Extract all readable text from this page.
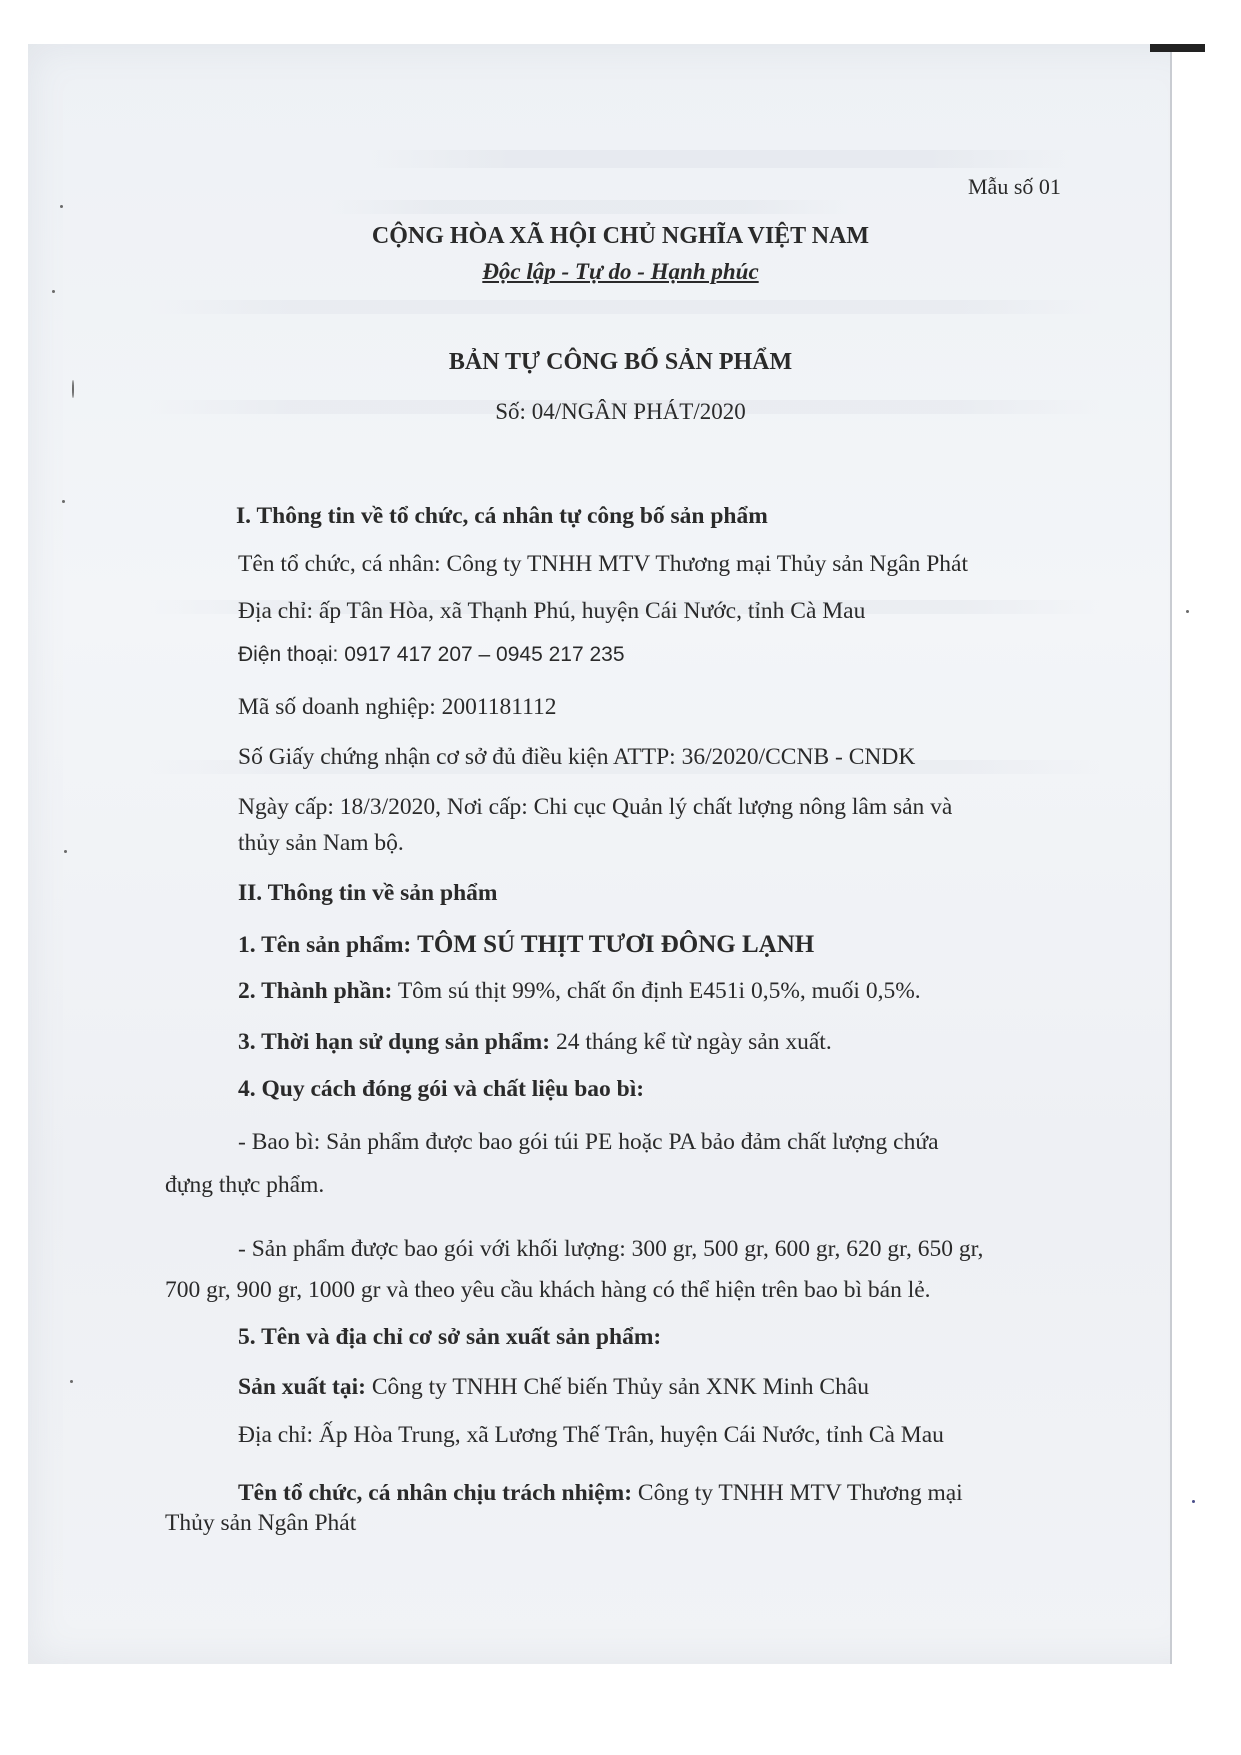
Mẫu số 01
CỘNG HÒA XÃ HỘI CHỦ NGHĨA VIỆT NAM
Độc lập - Tự do - Hạnh phúc
BẢN TỰ CÔNG BỐ SẢN PHẨM
Số: 04/NGÂN PHÁT/2020
I. Thông tin về tổ chức, cá nhân tự công bố sản phẩm
Tên tổ chức, cá nhân: Công ty TNHH MTV Thương mại Thủy sản Ngân Phát
Địa chỉ: ấp Tân Hòa, xã Thạnh Phú, huyện Cái Nước, tỉnh Cà Mau
Điện thoại: 0917 417 207 – 0945 217 235
Mã số doanh nghiệp: 2001181112
Số Giấy chứng nhận cơ sở đủ điều kiện ATTP: 36/2020/CCNB - CNDK
Ngày cấp: 18/3/2020, Nơi cấp: Chi cục Quản lý chất lượng nông lâm sản và
thủy sản Nam bộ.
II. Thông tin về sản phẩm
1. Tên sản phẩm: TÔM SÚ THỊT TƯƠI ĐÔNG LẠNH
2. Thành phần: Tôm sú thịt 99%, chất ổn định E451i 0,5%, muối 0,5%.
3. Thời hạn sử dụng sản phẩm: 24 tháng kể từ ngày sản xuất.
4. Quy cách đóng gói và chất liệu bao bì:
- Bao bì: Sản phẩm được bao gói túi PE hoặc PA bảo đảm chất lượng chứa
đựng thực phẩm.
- Sản phẩm được bao gói với khối lượng: 300 gr, 500 gr, 600 gr, 620 gr, 650 gr,
700 gr, 900 gr, 1000 gr và theo yêu cầu khách hàng có thể hiện trên bao bì bán lẻ.
5. Tên và địa chỉ cơ sở sản xuất sản phẩm:
Sản xuất tại: Công ty TNHH Chế biến Thủy sản XNK Minh Châu
Địa chỉ: Ấp Hòa Trung, xã Lương Thế Trân, huyện Cái Nước, tỉnh Cà Mau
Tên tổ chức, cá nhân chịu trách nhiệm: Công ty TNHH MTV Thương mại
Thủy sản Ngân Phát
